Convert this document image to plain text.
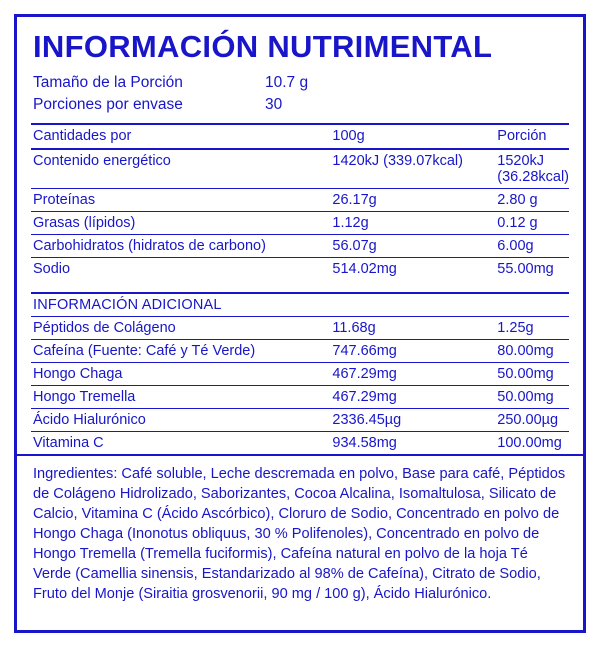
INFORMACIÓN NUTRIMENTAL
Tamaño de la Porción	10.7 g
Porciones por envase	30
Cantidades por	100g	Porción
Contenido energético	1420kJ (339.07kcal)	1520kJ (36.28kcal)
Proteínas	26.17g	2.80 g
Grasas (lípidos)	1.12g	0.12 g
Carbohidratos (hidratos de carbono)	56.07g	6.00g
Sodio	514.02mg	55.00mg

INFORMACIÓN ADICIONAL		
Péptidos de Colágeno	11.68g	1.25g
Cafeína (Fuente: Café y Té Verde)	747.66mg	80.00mg
Hongo Chaga	467.29mg	50.00mg
Hongo Tremella	467.29mg	50.00mg
Ácido Hialurónico	2336.45µg	250.00µg
Vitamina C	934.58mg	100.00mg
Ingredientes: Café soluble, Leche descremada en polvo, Base para café, Péptidos de Colágeno Hidrolizado, Saborizantes, Cocoa Alcalina, Isomaltulosa, Silicato de Calcio, Vitamina C (Ácido Ascórbico), Cloruro de Sodio, Concentrado en polvo de Hongo Chaga (Inonotus obliquus, 30 % Polifenoles), Concentrado en polvo de Hongo Tremella (Tremella fuciformis), Cafeína natural en polvo de la hoja Té Verde (Camellia sinensis, Estandarizado al 98% de Cafeína), Citrato de Sodio, Fruto del Monje (Siraitia grosvenorii, 90 mg / 100 g), Ácido Hialurónico.
